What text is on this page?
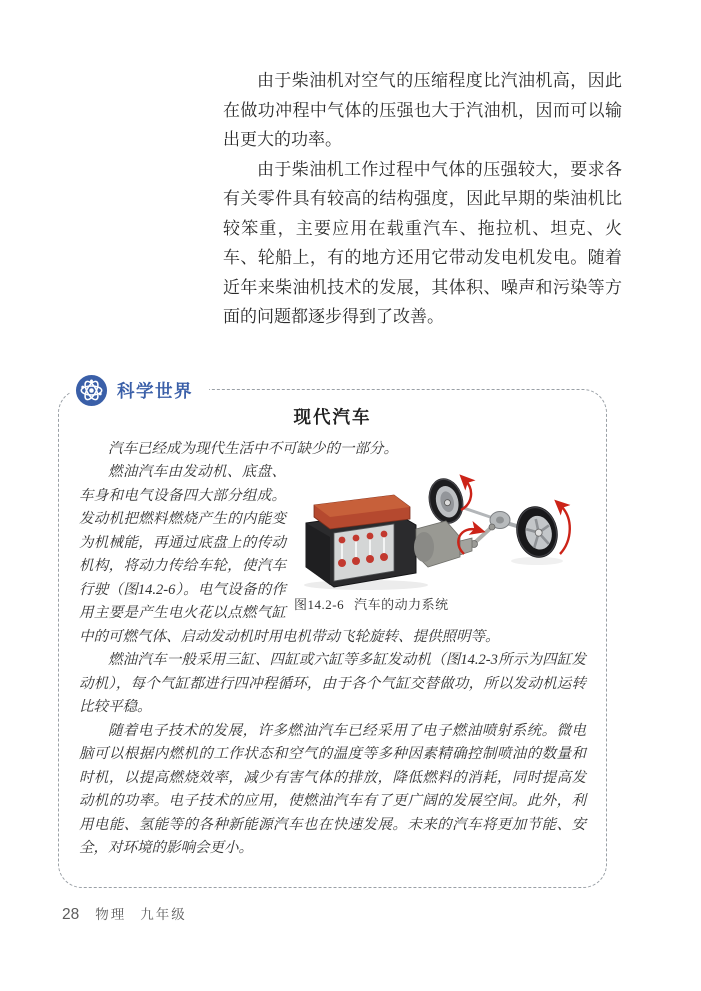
由于柴油机对空气的压缩程度比汽油机高，因此在做功冲程中气体的压强也大于汽油机，因而可以输出更大的功率。

由于柴油机工作过程中气体的压强较大，要求各有关零件具有较高的结构强度，因此早期的柴油机比较笨重，主要应用在载重汽车、拖拉机、坦克、火车、轮船上，有的地方还用它带动发电机发电。随着近年来柴油机技术的发展，其体积、噪声和污染等方面的问题都逐步得到了改善。

科学世界
现代汽车

汽车已经成为现代生活中不可缺少的一部分。

图14.2-6 汽车的动力系统
燃油汽车由发动机、底盘、车身和电气设备四大部分组成。发动机把燃料燃烧产生的内能变为机械能，再通过底盘上的传动机构，将动力传给车轮，使汽车行驶（图14.2-6）。电气设备的作用主要是产生电火花以点燃气缸中的可燃气体、启动发动机时用电机带动飞轮旋转、提供照明等。

燃油汽车一般采用三缸、四缸或六缸等多缸发动机（图14.2-3所示为四缸发动机），每个气缸都进行四冲程循环，由于各个气缸交替做功，所以发动机运转比较平稳。

随着电子技术的发展，许多燃油汽车已经采用了电子燃油喷射系统。微电脑可以根据内燃机的工作状态和空气的温度等多种因素精确控制喷油的数量和时机，以提高燃烧效率，减少有害气体的排放，降低燃料的消耗，同时提高发动机的功率。电子技术的应用，使燃油汽车有了更广阔的发展空间。此外，利用电能、氢能等的各种新能源汽车也在快速发展。未来的汽车将更加节能、安全，对环境的影响会更小。

28 物理 九年级
